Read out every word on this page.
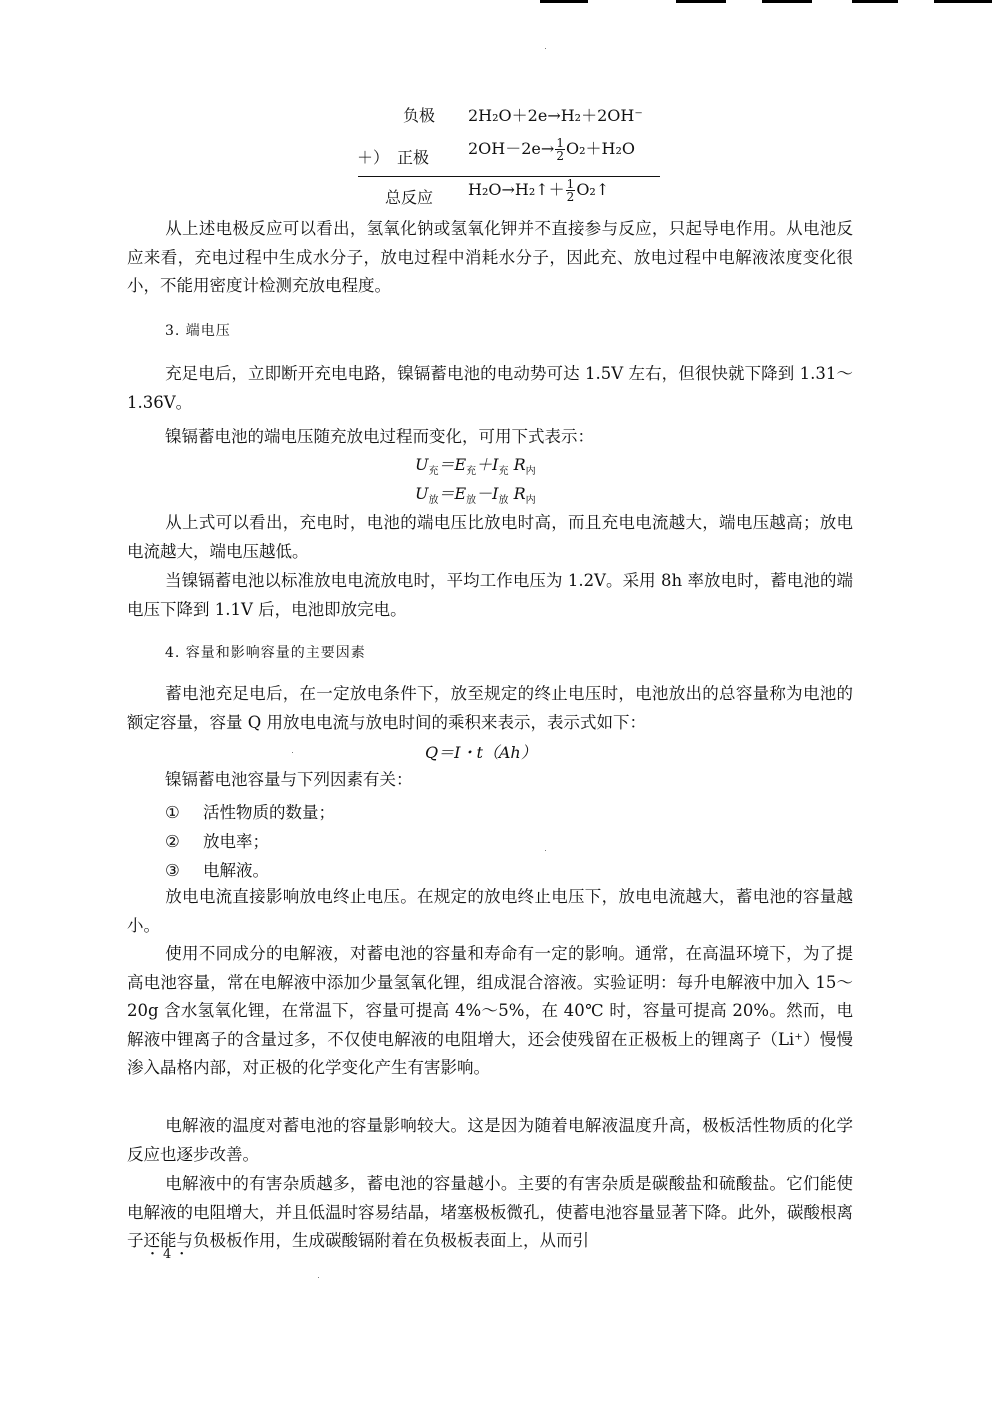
负极 2H₂O＋2e→H₂＋2OH⁻
＋）　正极 $2OH-2e\to \frac{1}{2} O_2+H_2O$
总反应 H₂O→H₂↑＋ $\frac{1}{2}$ O₂↑

从上述电极反应可以看出，氢氧化钠或氢氧化钾并不直接参与反应，只起导电作用。从电池反应来看，充电过程中生成水分子，放电过程中消耗水分子，因此充、放电过程中电解液浓度变化很小，不能用密度计检测充放电程度。

3. 端电压

充足电后，立即断开充电电路，镍镉蓄电池的电动势可达 1.5V 左右，但很快就下降到 1.31～1.36V。

镍镉蓄电池的端电压随充放电过程而变化，可用下式表示：

$U_充=E_充+I_充$ $R_内$
$U_放=E_放-I_放$ $R_内$

从上式可以看出，充电时，电池的端电压比放电时高，而且充电电流越大，端电压越高；放电电流越大，端电压越低。

当镍镉蓄电池以标准放电电流放电时，平均工作电压为 1.2V。采用 8h 率放电时，蓄电池的端电压下降到 1.1V 后，电池即放完电。

4. 容量和影响容量的主要因素

蓄电池充足电后，在一定放电条件下，放至规定的终止电压时，电池放出的总容量称为电池的额定容量，容量 Q 用放电电流与放电时间的乘积来表示，表示式如下：

Q＝I・t（Ah）

镍镉蓄电池容量与下列因素有关：

① 活性物质的数量；
② 放电率；
③ 电解液。

放电电流直接影响放电终止电压。在规定的放电终止电压下，放电电流越大，蓄电池的容量越小。

使用不同成分的电解液，对蓄电池的容量和寿命有一定的影响。通常，在高温环境下，为了提高电池容量，常在电解液中添加少量氢氧化锂，组成混合溶液。实验证明：每升电解液中加入 15～20g 含水氢氧化锂，在常温下，容量可提高 4%～5%，在 40℃ 时，容量可提高 20%。然而，电解液中锂离子的含量过多，不仅使电解液的电阻增大，还会使残留在正极板上的锂离子（Li⁺）慢慢渗入晶格内部，对正极的化学变化产生有害影响。

电解液的温度对蓄电池的容量影响较大。这是因为随着电解液温度升高，极板活性物质的化学反应也逐步改善。

电解液中的有害杂质越多，蓄电池的容量越小。主要的有害杂质是碳酸盐和硫酸盐。它们能使电解液的电阻增大，并且低温时容易结晶，堵塞极板微孔，使蓄电池容量显著下降。此外，碳酸根离子还能与负极板作用，生成碳酸镉附着在负极板表面上，从而引

・4・
